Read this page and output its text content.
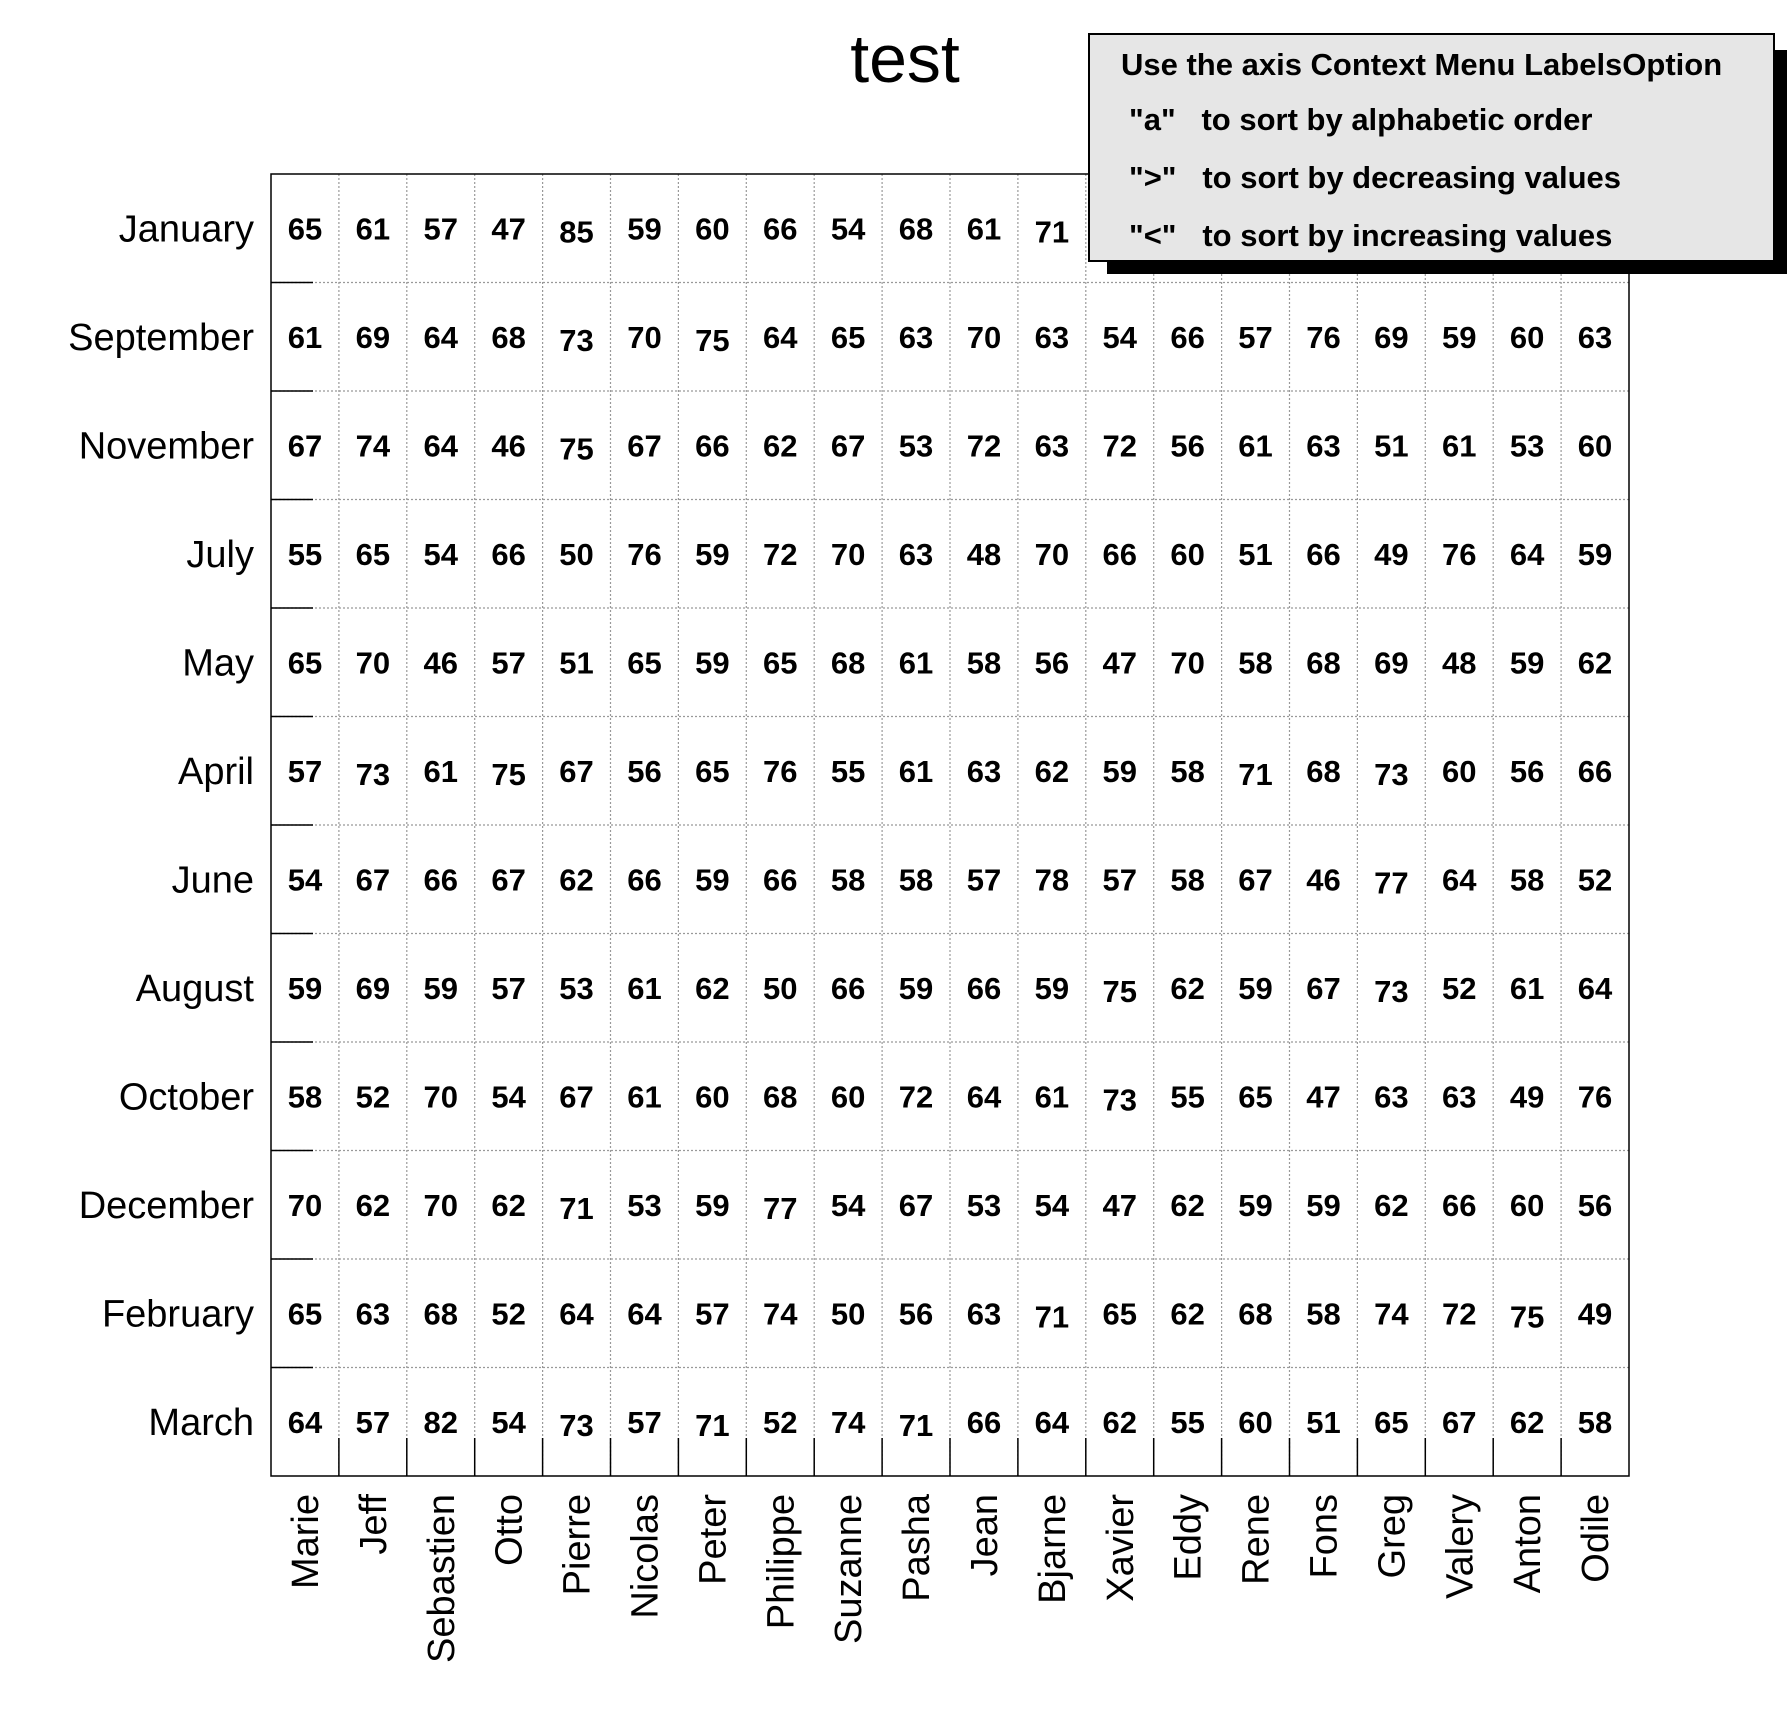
test
65 61 57 47 85 59 60 66 54 68 61 71
61 69 64 68 73 70 75 64 65 63 70 63 54 66 57 76 69 59 60 63
67 74 64 46 75 67 66 62 67 53 72 63 72 56 61 63 51 61 53 60
55 65 54 66 50 76 59 72 70 63 48 70 66 60 51 66 49 76 64 59
65 70 46 57 51 65 59 65 68 61 58 56 47 70 58 68 69 48 59 62
57 73 61 75 67 56 65 76 55 61 63 62 59 58 71 68 73 60 56 66
54 67 66 67 62 66 59 66 58 58 57 78 57 58 67 46 77 64 58 52
59 69 59 57 53 61 62 50 66 59 66 59 75 62 59 67 73 52 61 64
58 52 70 54 67 61 60 68 60 72 64 61 73 55 65 47 63 63 49 76
70 62 70 62 71 53 59 77 54 67 53 54 47 62 59 59 62 66 60 56
65 63 68 52 64 64 57 74 50 56 63 71 65 62 68 58 74 72 75 49
64 57 82 54 73 57 71 52 74 71 66 64 62 55 60 51 65 67 62 58
January
September
November
July
May
April
June
August
October
December
February
March
Marie Jeff Sebastien Otto Pierre Nicolas Peter Philippe Suzanne Pasha Jean Bjarne Xavier Eddy Rene Fons Greg Valery Anton Odile
Use the axis Context Menu LabelsOption
"a"   to sort by alphabetic order
">"   to sort by decreasing values
"<"   to sort by increasing values
